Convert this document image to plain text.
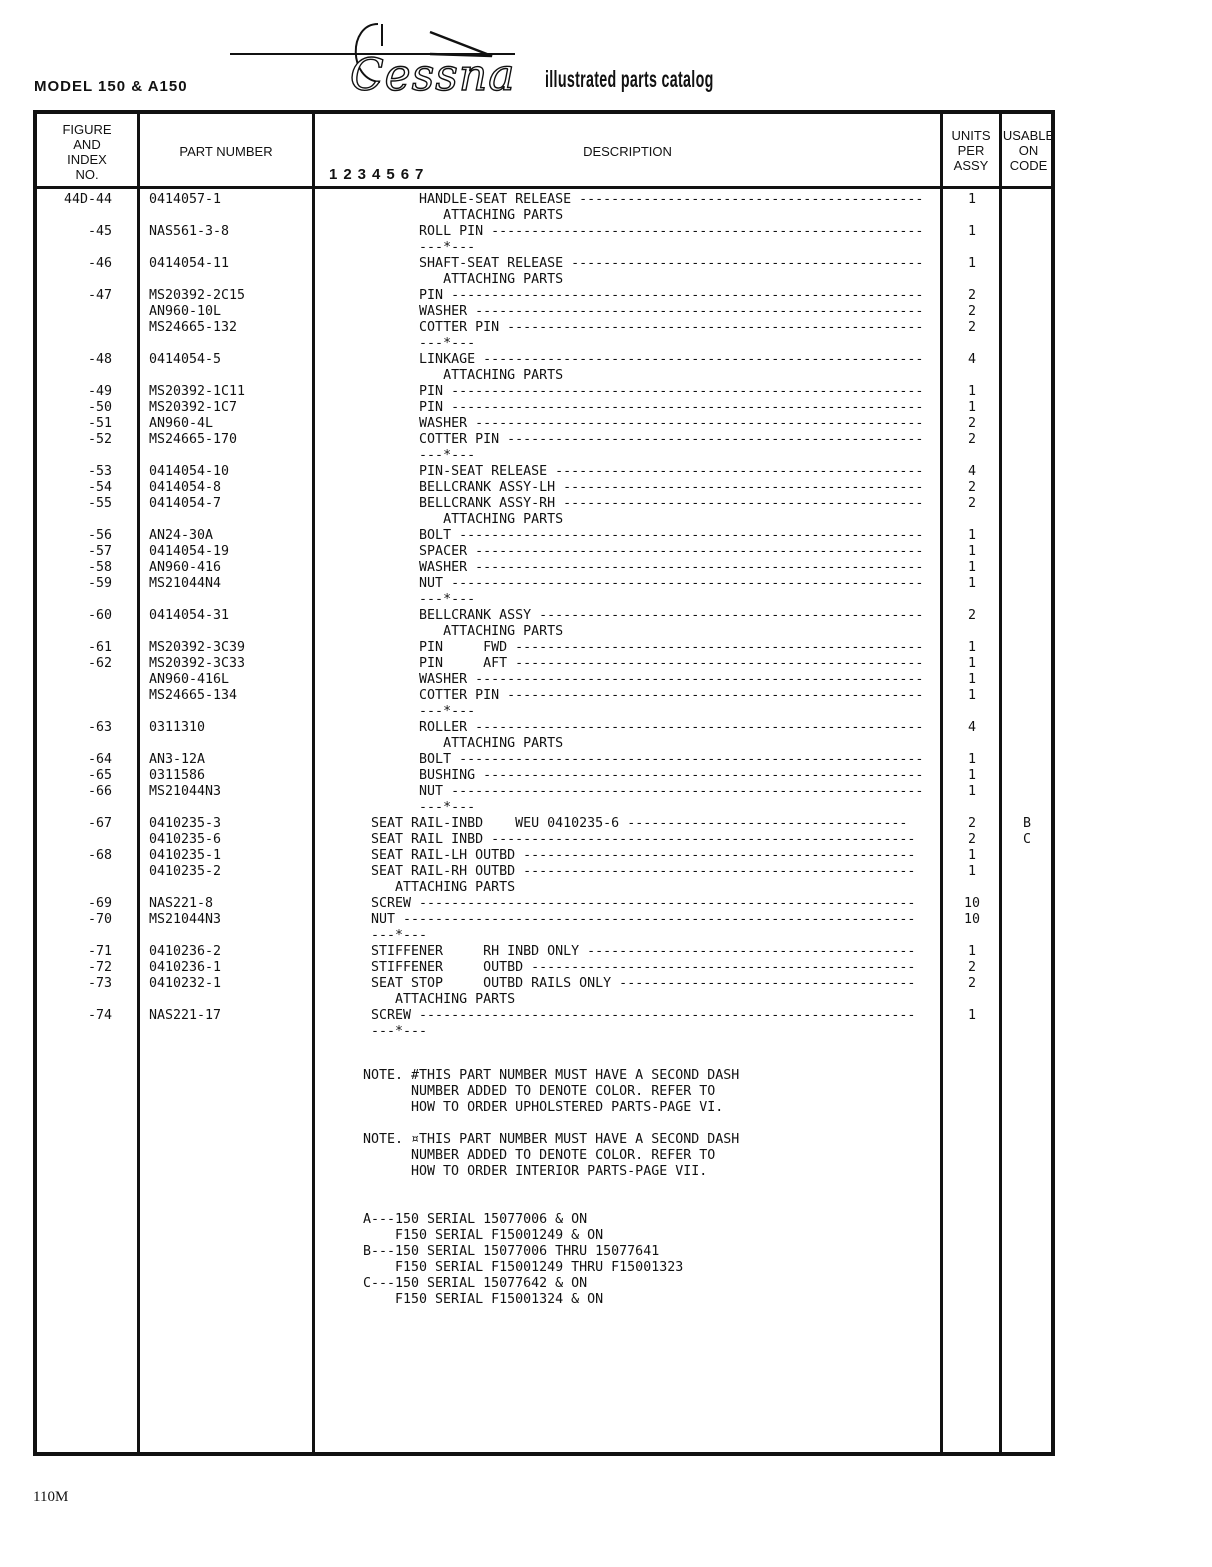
MODEL 150 & A150	Cessna illustrated parts catalog
FIGURE
AND
INDEX
NO.
PART NUMBER	DESCRIPTION
1234567
UNITS
PER
ASSY
USABLE
ON
CODE
44D-44	0414057-1	HANDLE-SEAT RELEASE -------------------------------------------	1
ATTACHING PARTS
-45	NAS561-3-8	ROLL PIN ------------------------------------------------------	1
---*---
-46	0414054-11	SHAFT-SEAT RELEASE --------------------------------------------	1
ATTACHING PARTS
-47	MS20392-2C15	PIN -----------------------------------------------------------	2
AN960-10L	WASHER --------------------------------------------------------	2
MS24665-132	COTTER PIN ----------------------------------------------------	2
---*---
-48	0414054-5	LINKAGE -------------------------------------------------------	4
ATTACHING PARTS
-49	MS20392-1C11	PIN -----------------------------------------------------------	1
-50	MS20392-1C7	PIN -----------------------------------------------------------	1
-51	AN960-4L	WASHER --------------------------------------------------------	2
-52	MS24665-170	COTTER PIN ----------------------------------------------------	2
---*---
-53	0414054-10	PIN-SEAT RELEASE ----------------------------------------------	4
-54	0414054-8	BELLCRANK ASSY-LH ---------------------------------------------	2
-55	0414054-7	BELLCRANK ASSY-RH ---------------------------------------------	2
ATTACHING PARTS
-56	AN24-30A	BOLT ----------------------------------------------------------	1
-57	0414054-19	SPACER --------------------------------------------------------	1
-58	AN960-416	WASHER --------------------------------------------------------	1
-59	MS21044N4	NUT -----------------------------------------------------------	1
---*---
-60	0414054-31	BELLCRANK ASSY ------------------------------------------------	2
ATTACHING PARTS
-61	MS20392-3C39	PIN     FWD ---------------------------------------------------	1
-62	MS20392-3C33	PIN     AFT ---------------------------------------------------	1
AN960-416L	WASHER --------------------------------------------------------	1
MS24665-134	COTTER PIN ----------------------------------------------------	1
---*---
-63	0311310	ROLLER --------------------------------------------------------	4
ATTACHING PARTS
-64	AN3-12A	BOLT ----------------------------------------------------------	1
-65	0311586	BUSHING -------------------------------------------------------	1
-66	MS21044N3	NUT -----------------------------------------------------------	1
---*---
-67	0410235-3	SEAT RAIL-INBD    WEU 0410235-6 -----------------------------------	2	B
0410235-6	SEAT RAIL INBD -----------------------------------------------------	2	C
-68	0410235-1	SEAT RAIL-LH OUTBD -------------------------------------------------	1
0410235-2	SEAT RAIL-RH OUTBD -------------------------------------------------	1
ATTACHING PARTS
-69	NAS221-8	SCREW --------------------------------------------------------------	10
-70	MS21044N3	NUT ----------------------------------------------------------------	10
---*---
-71	0410236-2	STIFFENER     RH INBD ONLY -----------------------------------------	1
-72	0410236-1	STIFFENER     OUTBD ------------------------------------------------	2
-73	0410232-1	SEAT STOP     OUTBD RAILS ONLY -------------------------------------	2
ATTACHING PARTS
-74	NAS221-17	SCREW --------------------------------------------------------------	1
---*---
NOTE. #THIS PART NUMBER MUST HAVE A SECOND DASH
NUMBER ADDED TO DENOTE COLOR. REFER TO
HOW TO ORDER UPHOLSTERED PARTS-PAGE VI.
NOTE. ¤THIS PART NUMBER MUST HAVE A SECOND DASH
NUMBER ADDED TO DENOTE COLOR. REFER TO
HOW TO ORDER INTERIOR PARTS-PAGE VII.
A---150 SERIAL 15077006 & ON
F150 SERIAL F15001249 & ON
B---150 SERIAL 15077006 THRU 15077641
F150 SERIAL F15001249 THRU F15001323
C---150 SERIAL 15077642 & ON
F150 SERIAL F15001324 & ON
110M
